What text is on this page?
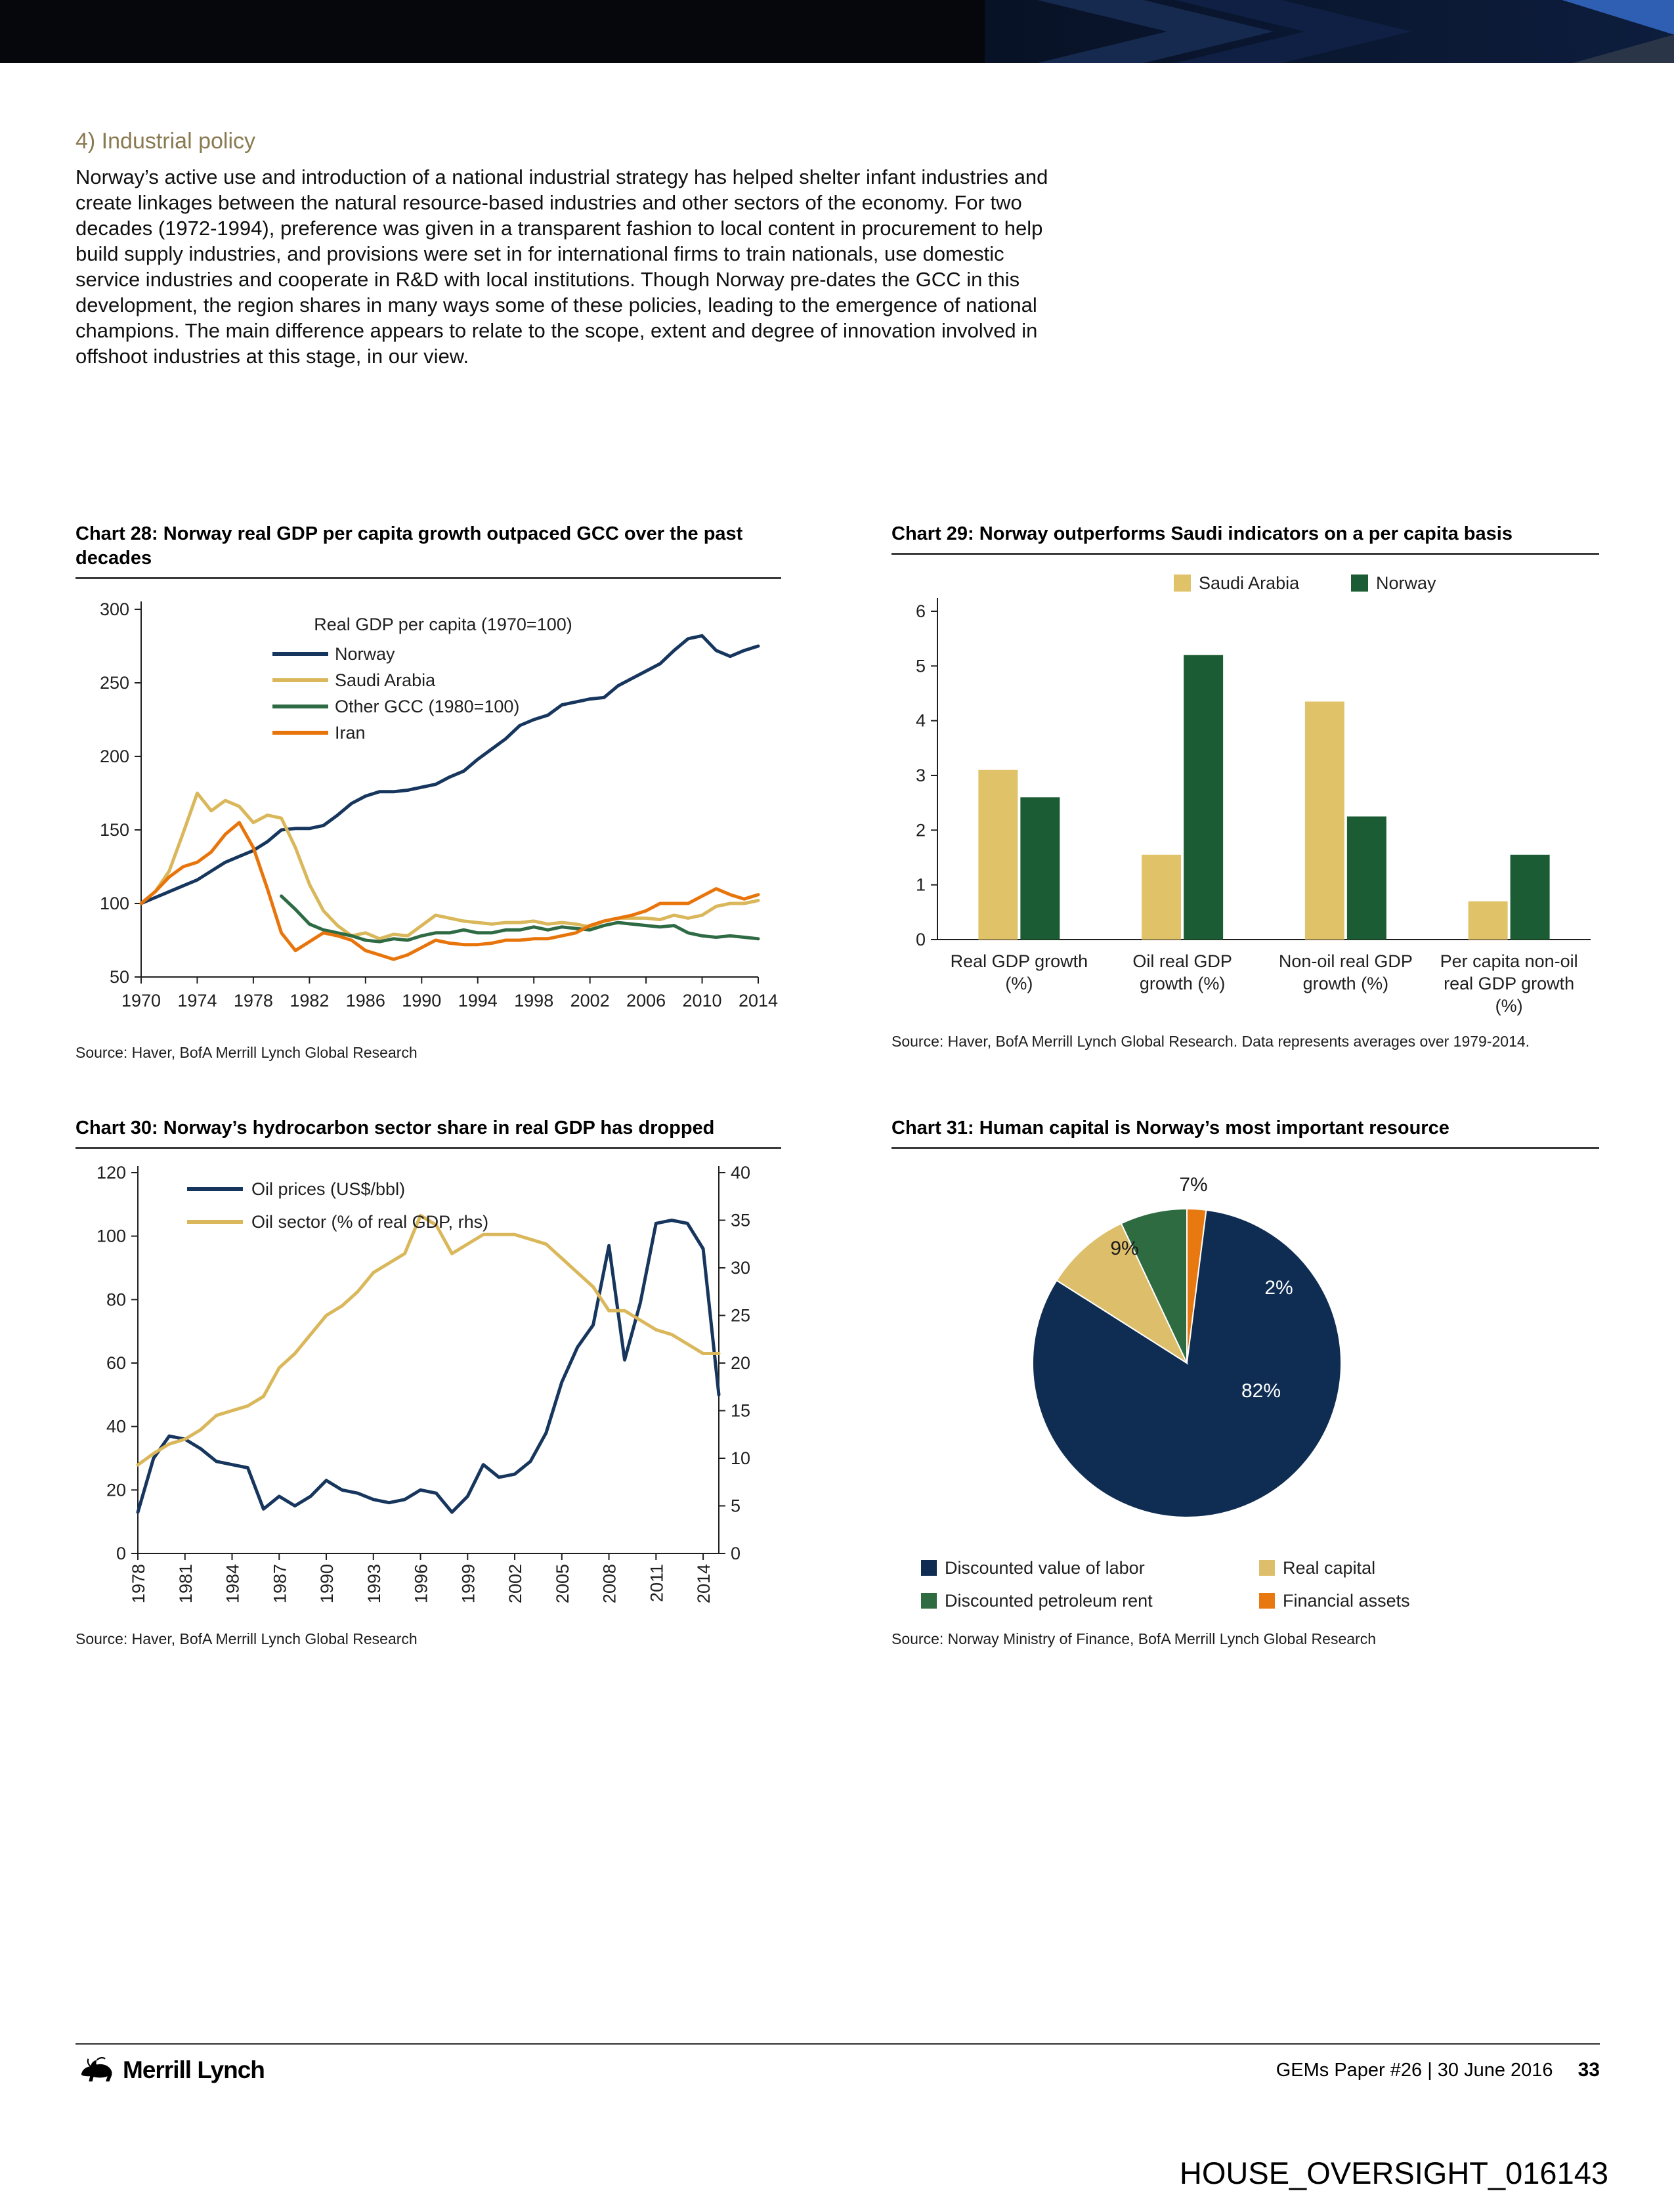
4) Industrial policy

Norway’s active use and introduction of a national industrial strategy has helped shelter infant industries and create linkages between the natural resource-based industries and other sectors of the economy. For two decades (1972-1994), preference was given in a transparent fashion to local content in procurement to help build supply industries, and provisions were set in for international firms to train nationals, use domestic service industries and cooperate in R&D with local institutions. Though Norway pre-dates the GCC in this development, the region shares in many ways some of these policies, leading to the emergence of national champions. The main difference appears to relate to the scope, extent and degree of innovation involved in offshoot industries at this stage, in our view.

Chart 28: Norway real GDP per capita growth outpaced GCC over the past decades
50
100
150
200
250
300
1970 1974 1978 1982 1986 1990 1994 1998 2002 2006 2010 2014
Real GDP per capita (1970=100)
Norway
Saudi Arabia
Other GCC (1980=100)
Iran
Source: Haver, BofA Merrill Lynch Global Research
Chart 29: Norway outperforms Saudi indicators on a per capita basis
0
1
2
3
4
5
6
Real GDP growth
(%)
Oil real GDP
growth (%)
Non-oil real GDP
growth (%)
Per capita non-oil
real GDP growth
(%)
Saudi Arabia	Norway
Source: Haver, BofA Merrill Lynch Global Research. Data represents averages over 1979-2014.
Chart 30: Norway’s hydrocarbon sector share in real GDP has dropped
0
20
40
60
80
100
120
0
5
10
15
20
25
30
35
40
1978 1981 1984 1987 1990 1993 1996 1999 2002 2005 2008 2011 2014
Oil prices (US$/bbl)
Oil sector (% of real GDP, rhs)
Source: Haver, BofA Merrill Lynch Global Research
Chart 31: Human capital is Norway’s most important resource
82%
9%
7%
2%
Discounted value of labor	Real capital
Discounted petroleum rent	Financial assets
Source: Norway Ministry of Finance, BofA Merrill Lynch Global Research
Merrill Lynch	GEMs Paper #26 | 30 June 2016 33
HOUSE_OVERSIGHT_016143
